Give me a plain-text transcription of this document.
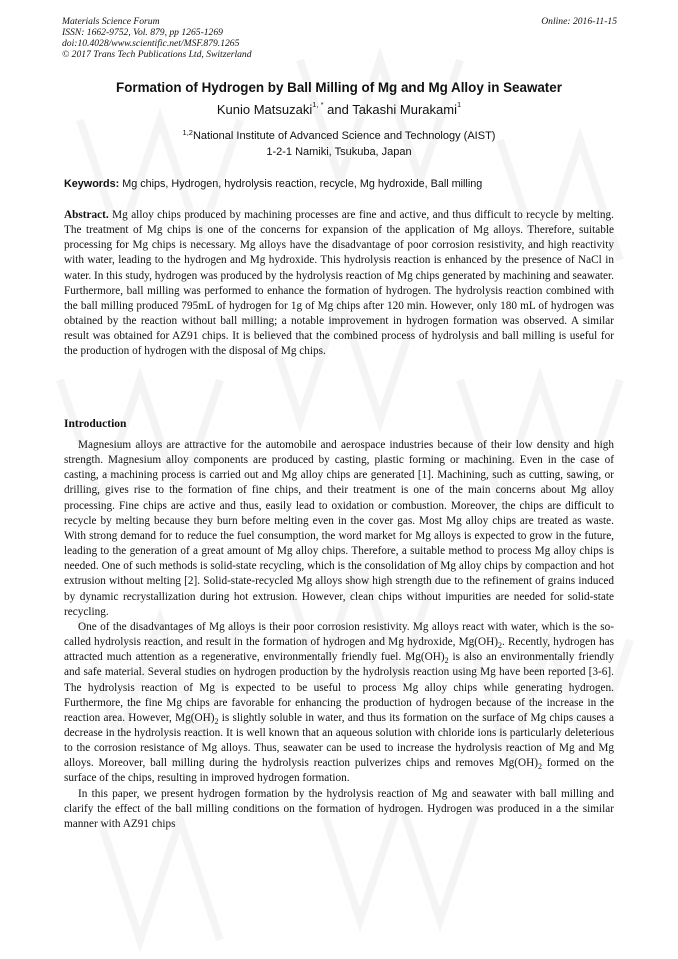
Materials Science Forum
ISSN: 1662-9752, Vol. 879, pp 1265-1269
doi:10.4028/www.scientific.net/MSF.879.1265
© 2017 Trans Tech Publications Ltd, Switzerland
Online: 2016-11-15
Formation of Hydrogen by Ball Milling of Mg and Mg Alloy in Seawater
Kunio Matsuzaki$^{1, *}$ and Takashi Murakami$^1$
$^{1,2}$National Institute of Advanced Science and Technology (AIST)
1-2-1 Namiki, Tsukuba, Japan
Keywords: Mg chips, Hydrogen, hydrolysis reaction, recycle, Mg hydroxide, Ball milling
Abstract. Mg alloy chips produced by machining processes are fine and active, and thus difficult to recycle by melting. The treatment of Mg chips is one of the concerns for expansion of the application of Mg alloys. Therefore, suitable processing for Mg chips is necessary. Mg alloys have the disadvantage of poor corrosion resistivity, and high reactivity with water, leading to the hydrogen and Mg hydroxide. This hydrolysis reaction is enhanced by the presence of NaCl in water. In this study, hydrogen was produced by the hydrolysis reaction of Mg chips generated by machining and seawater. Furthermore, ball milling was performed to enhance the formation of hydrogen. The hydrolysis reaction combined with the ball milling produced 795mL of hydrogen for 1g of Mg chips after 120 min. However, only 180 mL of hydrogen was obtained by the reaction without ball milling; a notable improvement in hydrogen formation was observed. A similar result was obtained for AZ91 chips. It is believed that the combined process of hydrolysis and ball milling is useful for the production of hydrogen with the disposal of Mg chips.
Introduction

Magnesium alloys are attractive for the automobile and aerospace industries because of their low density and high strength. Magnesium alloy components are produced by casting, plastic forming or machining. Even in the case of casting, a machining process is carried out and Mg alloy chips are generated [1]. Machining, such as cutting, sawing, or drilling, gives rise to the formation of fine chips, and their treatment is one of the main concerns about Mg alloy processing. Fine chips are active and thus, easily lead to oxidation or combustion. Moreover, the chips are difficult to recycle by melting because they burn before melting even in the cover gas. Most Mg alloy chips are treated as waste. With strong demand for to reduce the fuel consumption, the word market for Mg alloys is expected to grow in the future, leading to the generation of a great amount of Mg alloy chips. Therefore, a suitable method to process Mg alloy chips is needed. One of such methods is solid-state recycling, which is the consolidation of Mg alloy chips by compaction and hot extrusion without melting [2]. Solid-state-recycled Mg alloys show high strength due to the refinement of grains induced by dynamic recrystallization during hot extrusion. However, clean chips without impurities are needed for solid-state recycling.

One of the disadvantages of Mg alloys is their poor corrosion resistivity. Mg alloys react with water, which is the so-called hydrolysis reaction, and result in the formation of hydrogen and Mg hydroxide, $Mg(OH)_2$. Recently, hydrogen has attracted much attention as a regenerative, environmentally friendly fuel. $Mg(OH)_2$ is also an environmentally friendly and safe material. Several studies on hydrogen production by the hydrolysis reaction using Mg have been reported [3-6]. The hydrolysis reaction of Mg is expected to be useful to process Mg alloy chips while generating hydrogen. Furthermore, the fine Mg chips are favorable for enhancing the production of hydrogen because of the increase in the reaction area. However, $Mg(OH)_2$ is slightly soluble in water, and thus its formation on the surface of Mg chips causes a decrease in the hydrolysis reaction. It is well known that an aqueous solution with chloride ions is particularly deleterious to the corrosion resistance of Mg alloys. Thus, seawater can be used to increase the hydrolysis reaction of Mg and Mg alloys. Moreover, ball milling during the hydrolysis reaction pulverizes chips and removes $Mg(OH)_2$ formed on the surface of the chips, resulting in improved hydrogen formation.

In this paper, we present hydrogen formation by the hydrolysis reaction of Mg and seawater with ball milling and clarify the effect of the ball milling conditions on the formation of hydrogen. Hydrogen was produced in a the similar manner with AZ91 chips
